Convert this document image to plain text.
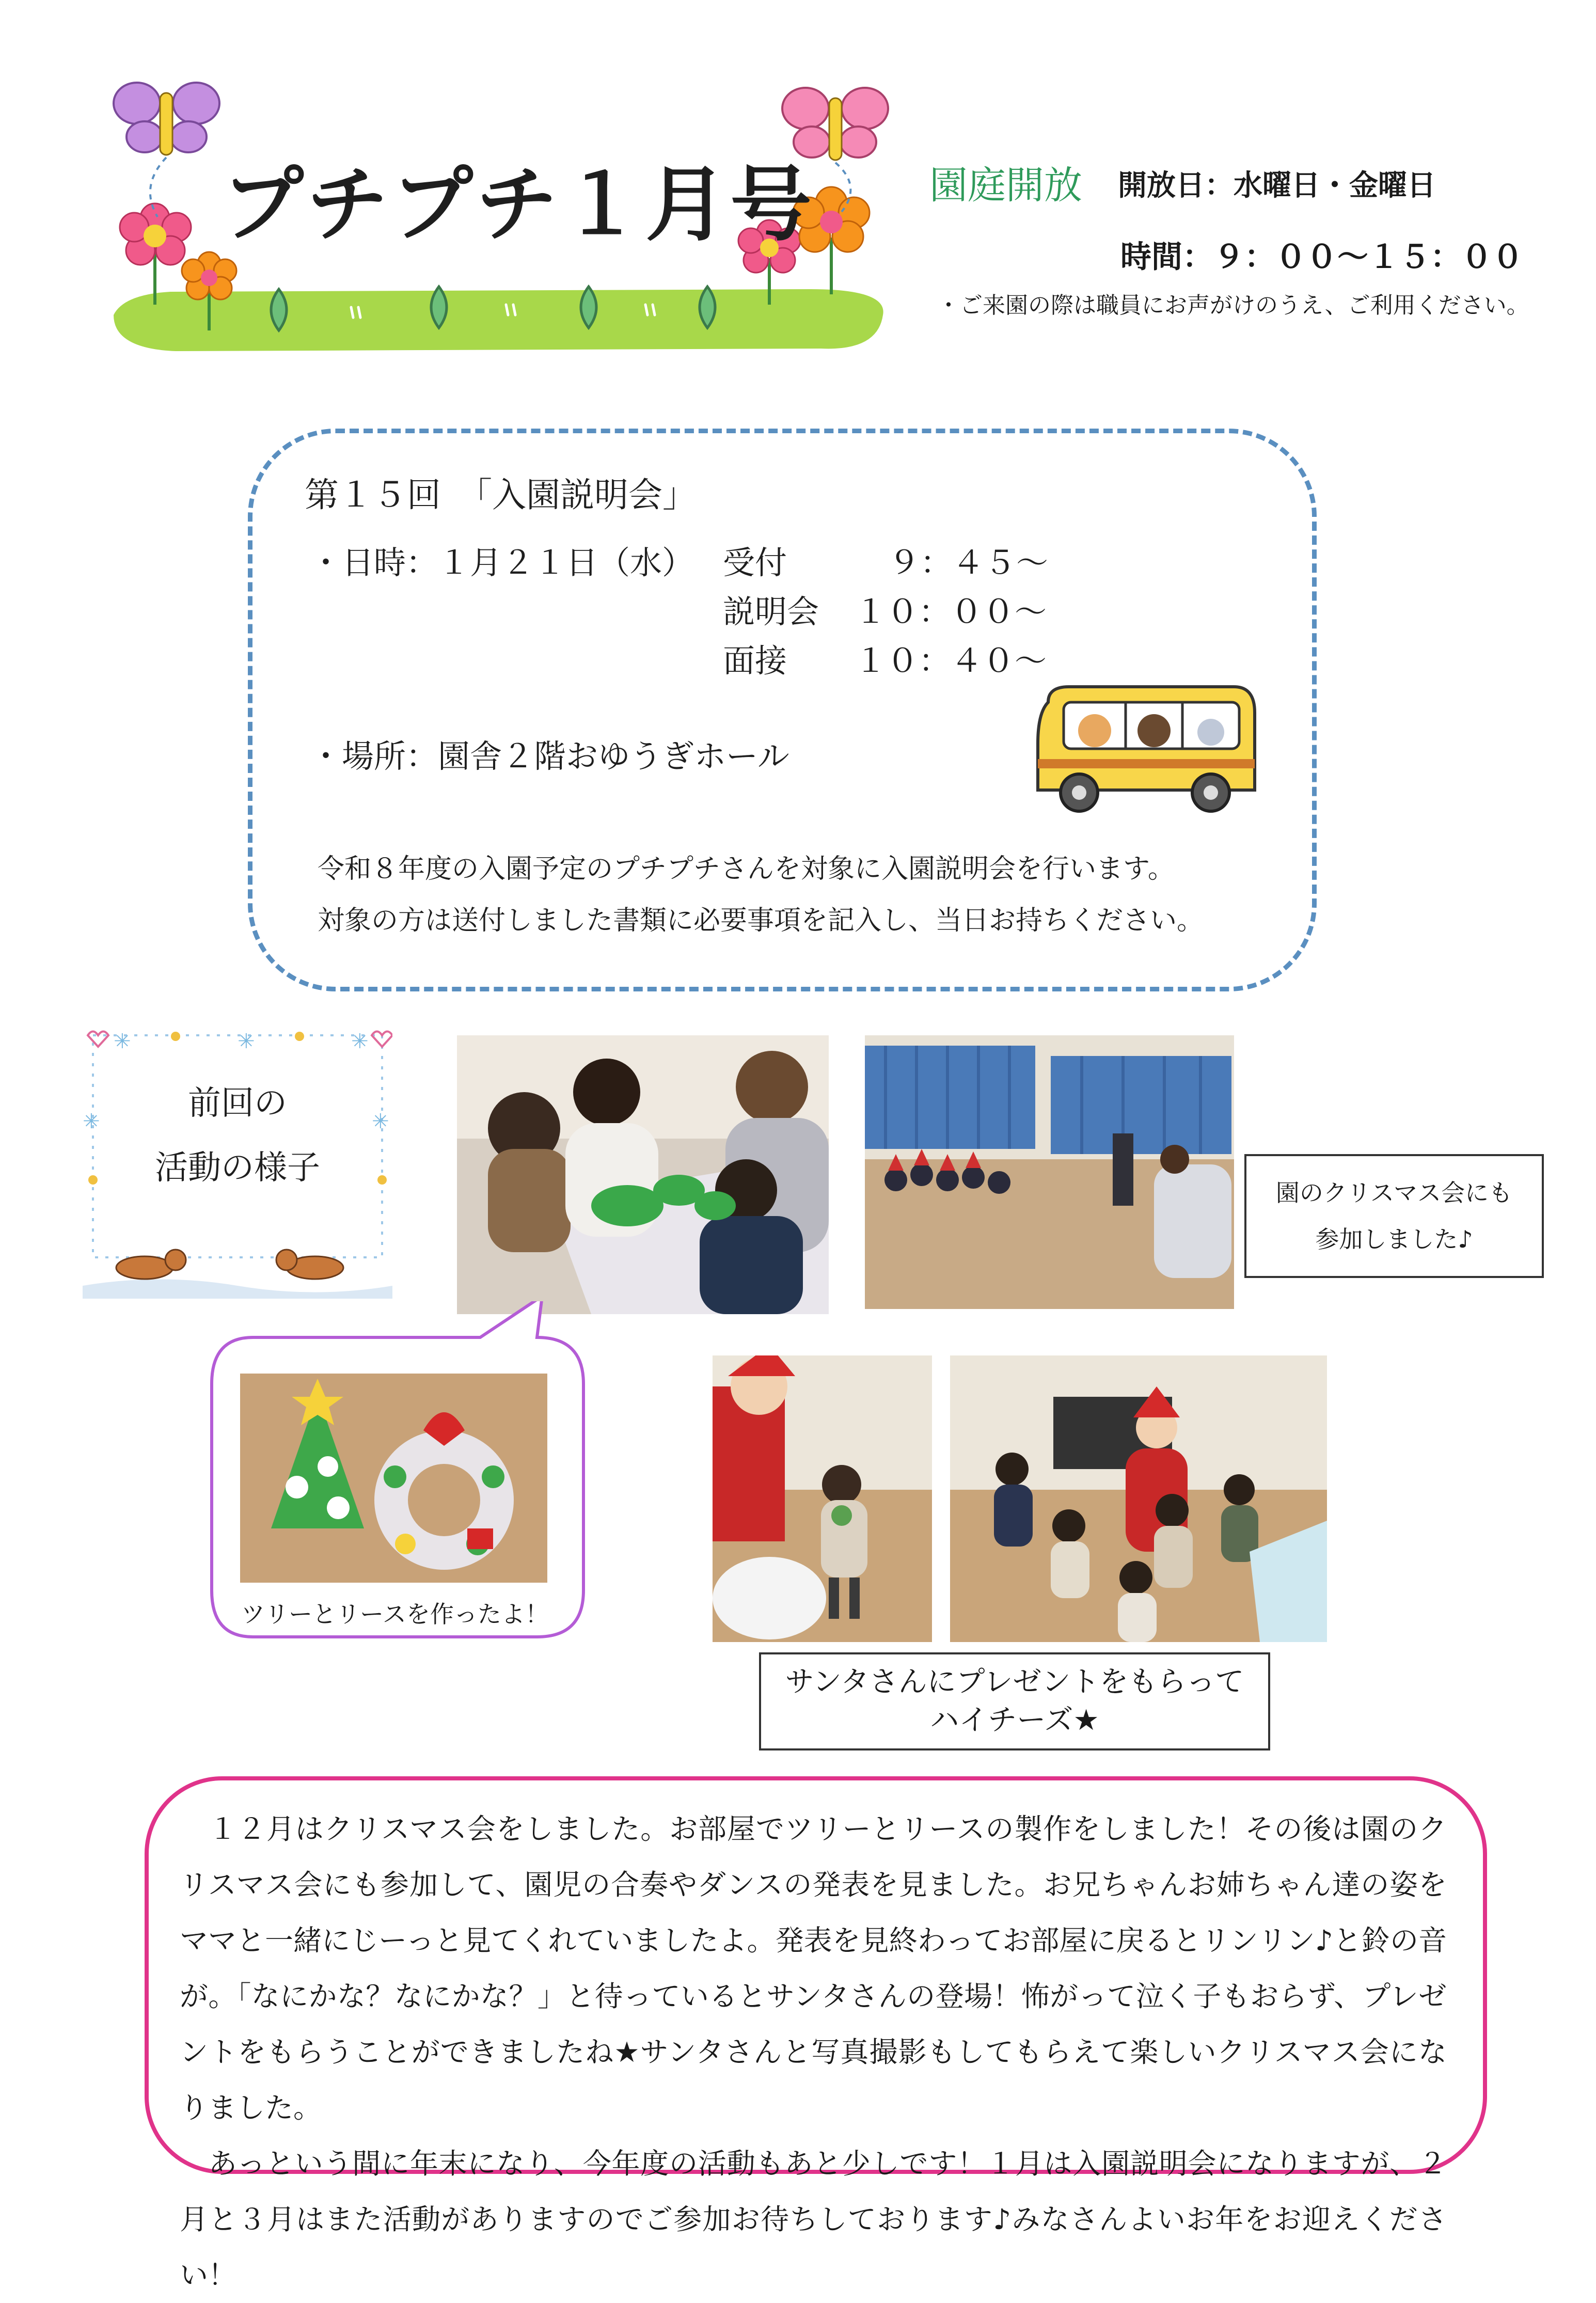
プチプチ１月号	園庭開放 開放日：水曜日・金曜日
時間：９：００～１５：００
・ご来園の際は職員にお声がけのうえ、ご利用ください。
第１５回　「入園説明会」
・日時：１月２１日（水） 受付	９：４５～
説明会 １０：００～
面接 １０：４０～
・場所：園舎２階おゆうぎホール
令和８年度の入園予定のプチプチさんを対象に入園説明会を行います。
対象の方は送付しました書類に必要事項を記入し、当日お持ちください。
✳	✳	✳
✳	✳
前回の
活動の様子
園のクリスマス会にも
参加しました♪
ツリーとリースを作ったよ！
サンタさんにプレゼントをもらって
ハイチーズ★

　１２月はクリスマス会をしました。お部屋でツリーとリースの製作をしました！その後は園のクリスマス会にも参加して、園児の合奏やダンスの発表を見ました。お兄ちゃんお姉ちゃん達の姿をママと一緒にじーっと見てくれていましたよ。発表を見終わってお部屋に戻るとリンリン♪と鈴の音が。「なにかな？なにかな？」と待っているとサンタさんの登場！怖がって泣く子もおらず、プレゼントをもらうことができましたね★サンタさんと写真撮影もしてもらえて楽しいクリスマス会になりました。

　あっという間に年末になり、今年度の活動もあと少しです！１月は入園説明会になりますが、２月と３月はまた活動がありますのでご参加お待ちしております♪みなさんよいお年をお迎えください！
